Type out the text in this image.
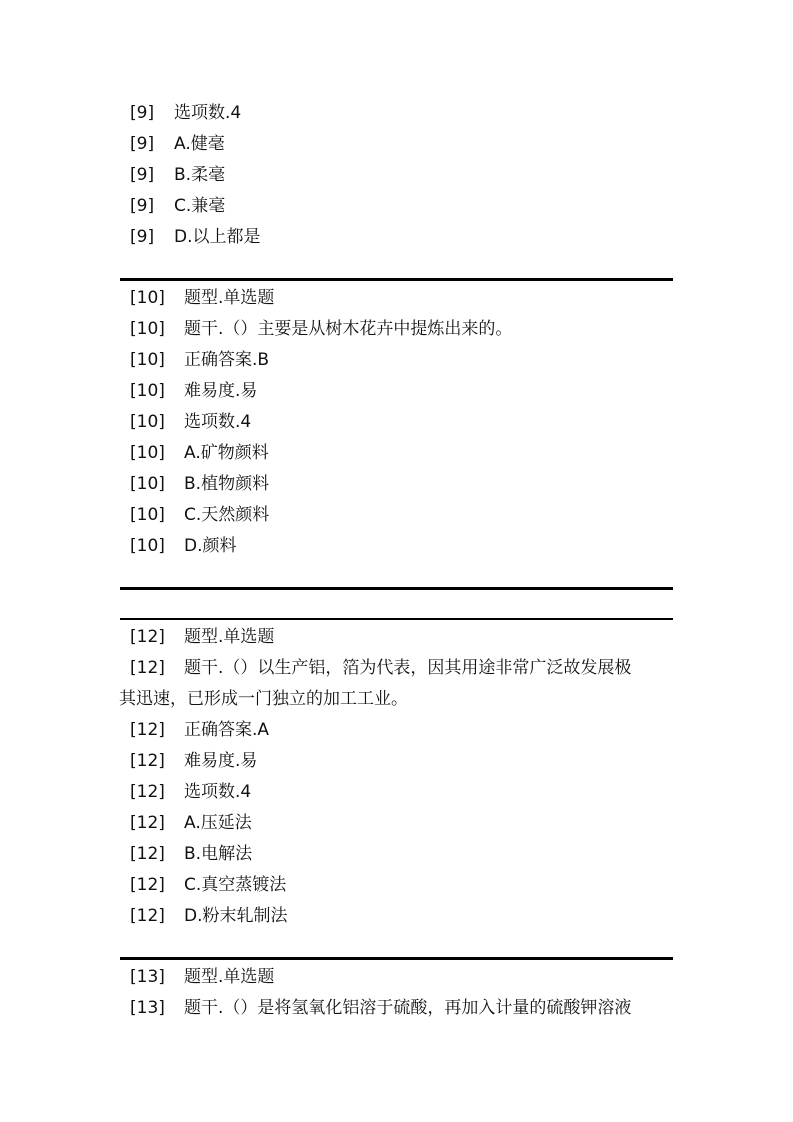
[9] 选项数.4
[9] A.健毫
[9] B.柔毫
[9] C.兼毫
[9] D.以上都是
[10] 题型.单选题
[10] 题干.（）主要是从树木花卉中提炼出来的。
[10] 正确答案.B
[10] 难易度.易
[10] 选项数.4
[10] A.矿物颜料
[10] B.植物颜料
[10] C.天然颜料
[10] D.颜料
[12] 题型.单选题
[12] 题干.（）以生产铝，箔为代表，因其用途非常广泛故发展极
其迅速，已形成一门独立的加工工业。
[12] 正确答案.A
[12] 难易度.易
[12] 选项数.4
[12] A.压延法
[12] B.电解法
[12] C.真空蒸镀法
[12] D.粉末轧制法
[13] 题型.单选题
[13] 题干.（）是将氢氧化铝溶于硫酸，再加入计量的硫酸钾溶液
